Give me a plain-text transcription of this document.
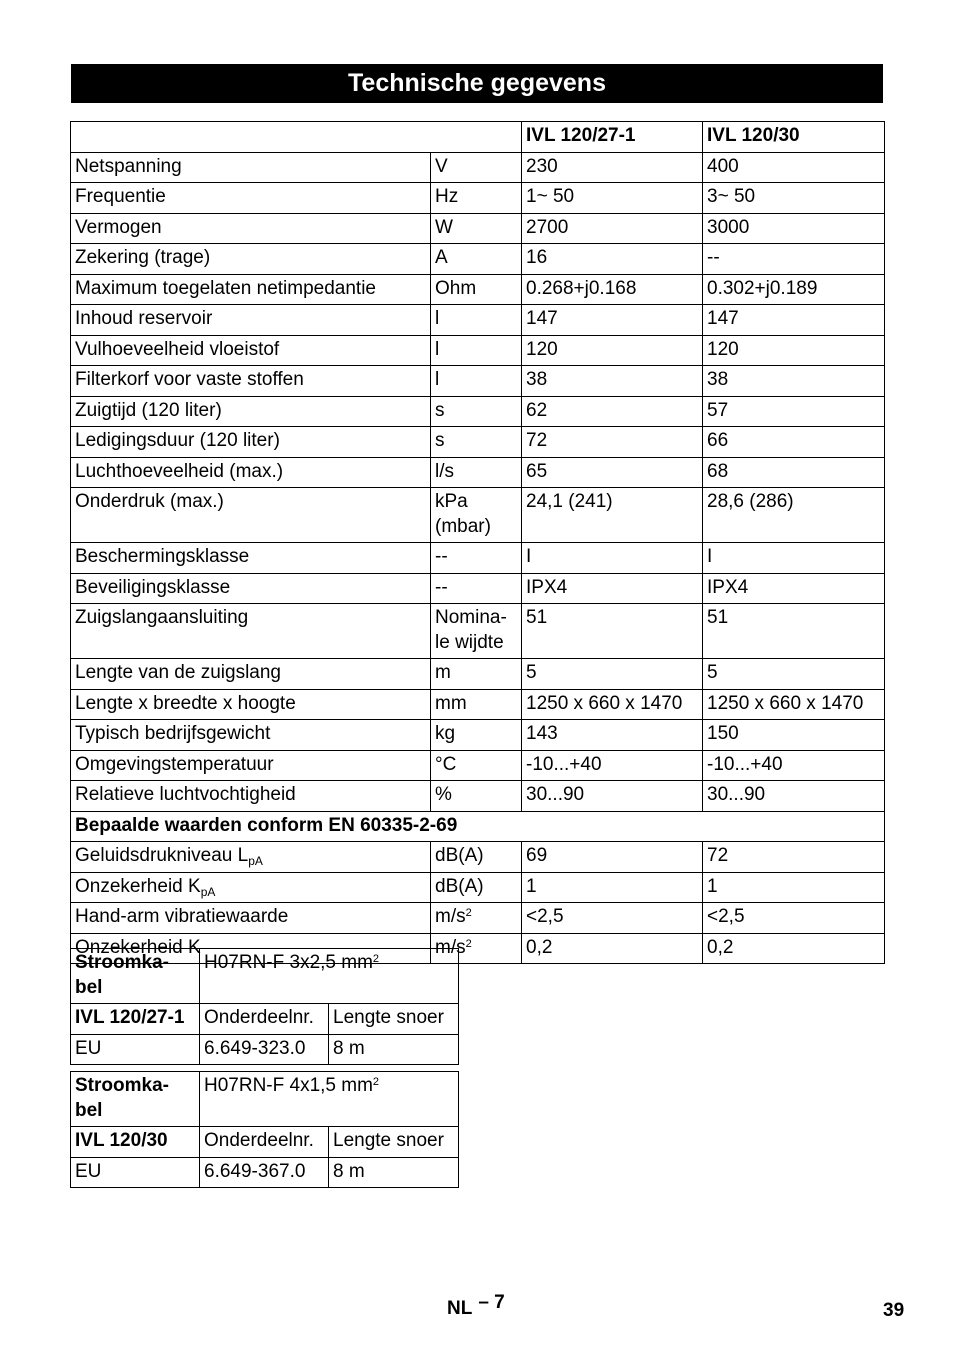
Technische gegevens
		IVL 120/27-1	IVL 120/30
Netspanning	V	230	400
Frequentie	Hz	1~ 50	3~ 50
Vermogen	W	2700	3000
Zekering (trage)	A	16	--
Maximum toegelaten netimpedantie	Ohm	0.268+j0.168	0.302+j0.189
Inhoud reservoir	l	147	147
Vulhoeveelheid vloeistof	l	120	120
Filterkorf voor vaste stoffen	l	38	38
Zuigtijd (120 liter)	s	62	57
Ledigingsduur (120 liter)	s	72	66
Luchthoeveelheid (max.)	l/s	65	68
Onderdruk (max.)	kPa (mbar)	24,1 (241)	28,6 (286)
Beschermingsklasse	--	I	I
Beveiligingsklasse	--	IPX4	IPX4
Zuigslangaansluiting	Nomina-le wijdte	51	51
Lengte van de zuigslang	m	5	5
Lengte x breedte x hoogte	mm	1250 x 660 x 1470	1250 x 660 x 1470
Typisch bedrijfsgewicht	kg	143	150
Omgevingstemperatuur	°C	-10...+40	-10...+40
Relatieve luchtvochtigheid	%	30...90	30...90
Bepaalde waarden conform EN 60335-2-69			
Geluidsdrukniveau $L_{pA}$	dB(A)	69	72
Onzekerheid $K_{pA}$	dB(A)	1	1
Hand-arm vibratiewaarde	$m/s^2$	<2,5	<2,5
Onzekerheid K	$m/s^2$	0,2	0,2
Stroomka-bel	H07RN-F 3x2,5 $mm^2$
IVL 120/27-1	Onderdeelnr.	Lengte snoer
EU	6.649-323.0	8 m
Stroomka-bel	H07RN-F 4x1,5 $mm^2$
IVL 120/30	Onderdeelnr.	Lengte snoer
EU	6.649-367.0	8 m
NL – 7	39
